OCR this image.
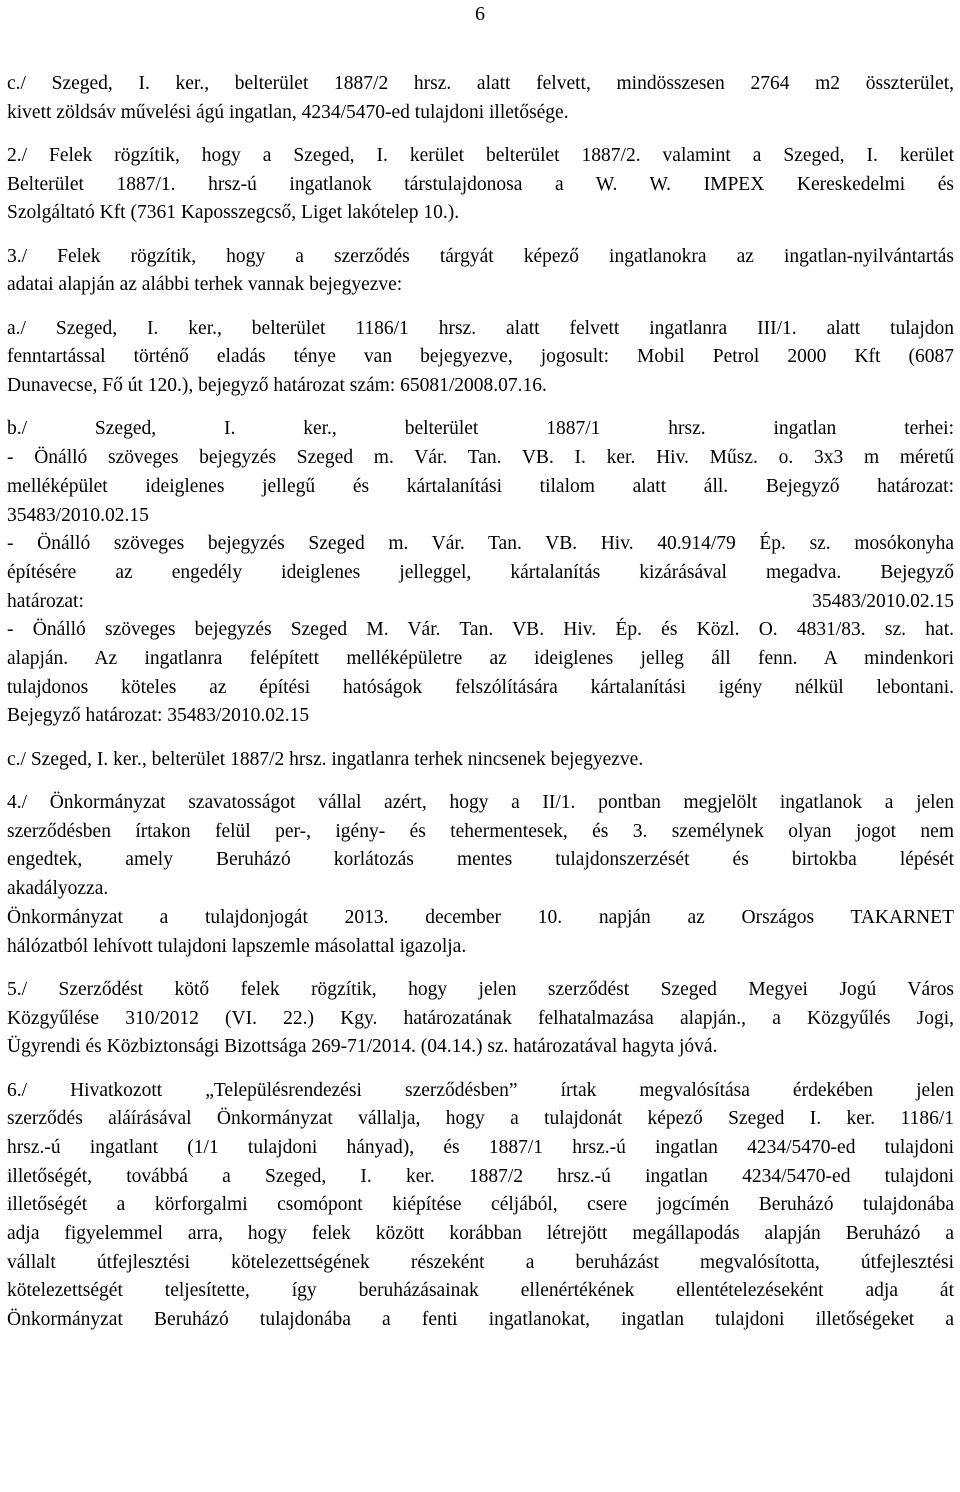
6
c./ Szeged, I. ker., belterület 1887/2 hrsz. alatt felvett, mindösszesen 2764 m2 összterület,
kivett zöldsáv művelési ágú ingatlan, 4234/5470-ed tulajdoni illetősége.
2./ Felek rögzítik, hogy a Szeged, I. kerület belterület 1887/2. valamint a Szeged, I. kerület
Belterület 1887/1. hrsz-ú ingatlanok társtulajdonosa a W. W. IMPEX Kereskedelmi és
Szolgáltató Kft (7361 Kaposszegcső, Liget lakótelep 10.).
3./ Felek rögzítik, hogy a szerződés tárgyát képező ingatlanokra az ingatlan-nyilvántartás
adatai alapján az alábbi terhek vannak bejegyezve:
a./ Szeged, I. ker., belterület 1186/1 hrsz. alatt felvett ingatlanra III/1. alatt tulajdon
fenntartással történő eladás ténye van bejegyezve, jogosult: Mobil Petrol 2000 Kft (6087
Dunavecse, Fő út 120.), bejegyző határozat szám: 65081/2008.07.16.
b./ Szeged, I. ker., belterület 1887/1 hrsz. ingatlan terhei:
- Önálló szöveges bejegyzés Szeged m. Vár. Tan. VB. I. ker. Hiv. Műsz. o. 3x3 m méretű
melléképület ideiglenes jellegű és kártalanítási tilalom alatt áll. Bejegyző határozat:
35483/2010.02.15
- Önálló szöveges bejegyzés Szeged m. Vár. Tan. VB. Hiv. 40.914/79 Ép. sz. mosókonyha
építésére az engedély ideiglenes jelleggel, kártalanítás kizárásával megadva. Bejegyző
határozat: 35483/2010.02.15
- Önálló szöveges bejegyzés Szeged M. Vár. Tan. VB. Hiv. Ép. és Közl. O. 4831/83. sz. hat.
alapján. Az ingatlanra felépített melléképületre az ideiglenes jelleg áll fenn. A mindenkori
tulajdonos köteles az építési hatóságok felszólítására kártalanítási igény nélkül lebontani.
Bejegyző határozat: 35483/2010.02.15
c./ Szeged, I. ker., belterület 1887/2 hrsz. ingatlanra terhek nincsenek bejegyezve.
4./ Önkormányzat szavatosságot vállal azért, hogy a II/1. pontban megjelölt ingatlanok a jelen
szerződésben írtakon felül per-, igény- és tehermentesek, és 3. személynek olyan jogot nem
engedtek, amely Beruházó korlátozás mentes tulajdonszerzését és birtokba lépését
akadályozza.
Önkormányzat a tulajdonjogát 2013. december 10. napján az Országos TAKARNET
hálózatból lehívott tulajdoni lapszemle másolattal igazolja.
5./ Szerződést kötő felek rögzítik, hogy jelen szerződést Szeged Megyei Jogú Város
Közgyűlése 310/2012 (VI. 22.) Kgy. határozatának felhatalmazása alapján., a Közgyűlés Jogi,
Ügyrendi és Közbiztonsági Bizottsága 269-71/2014. (04.14.) sz. határozatával hagyta jóvá.
6./ Hivatkozott „Településrendezési szerződésben” írtak megvalósítása érdekében jelen
szerződés aláírásával Önkormányzat vállalja, hogy a tulajdonát képező Szeged I. ker. 1186/1
hrsz.-ú ingatlant (1/1 tulajdoni hányad), és 1887/1 hrsz.-ú ingatlan 4234/5470-ed tulajdoni
illetőségét, továbbá a Szeged, I. ker. 1887/2 hrsz.-ú ingatlan 4234/5470-ed tulajdoni
illetőségét a körforgalmi csomópont kiépítése céljából, csere jogcímén Beruházó tulajdonába
adja figyelemmel arra, hogy felek között korábban létrejött megállapodás alapján Beruházó a
vállalt útfejlesztési kötelezettségének részeként a beruházást megvalósította, útfejlesztési
kötelezettségét teljesítette, így beruházásainak ellenértékének ellentételezéseként adja át
Önkormányzat Beruházó tulajdonába a fenti ingatlanokat, ingatlan tulajdoni illetőségeket a
